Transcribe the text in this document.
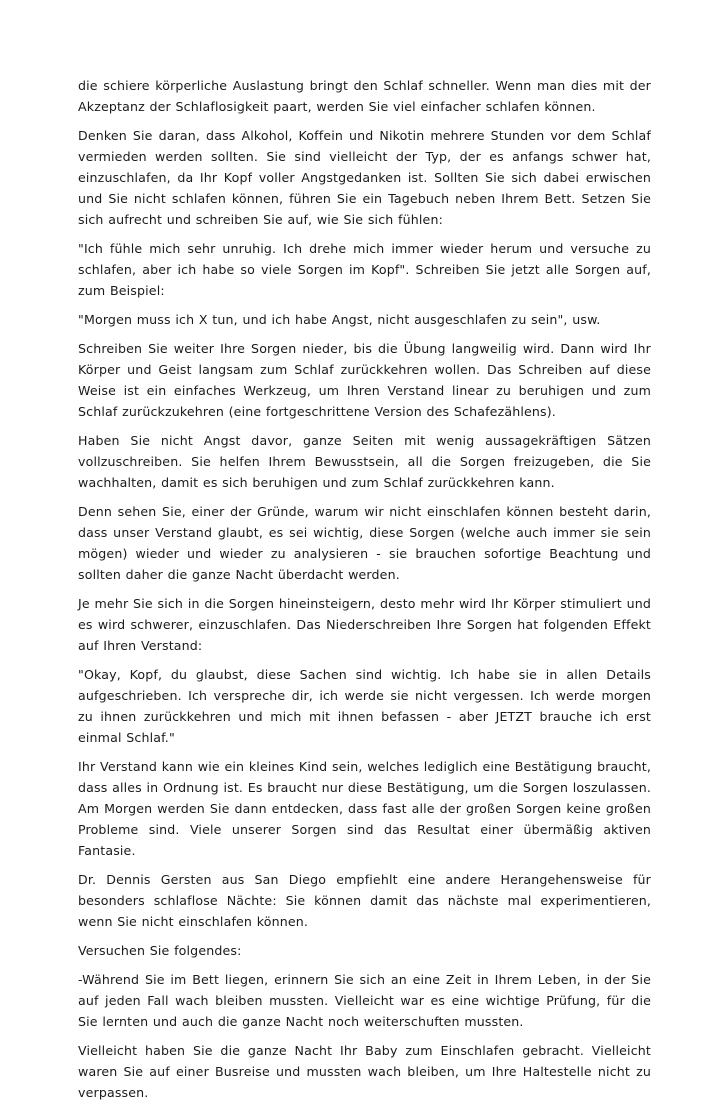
die schiere körperliche Auslastung bringt den Schlaf schneller. Wenn man dies mit der Akzeptanz der Schlaflosigkeit paart, werden Sie viel einfacher schlafen können.

Denken Sie daran, dass Alkohol, Koffein und Nikotin mehrere Stunden vor dem Schlaf vermieden werden sollten. Sie sind vielleicht der Typ, der es anfangs schwer hat, einzuschlafen, da Ihr Kopf voller Angstgedanken ist. Sollten Sie sich dabei erwischen und Sie nicht schlafen können, führen Sie ein Tagebuch neben Ihrem Bett. Setzen Sie sich aufrecht und schreiben Sie auf, wie Sie sich fühlen:

"Ich fühle mich sehr unruhig. Ich drehe mich immer wieder herum und versuche zu schlafen, aber ich habe so viele Sorgen im Kopf". Schreiben Sie jetzt alle Sorgen auf, zum Beispiel:

"Morgen muss ich X tun, und ich habe Angst, nicht ausgeschlafen zu sein", usw.

Schreiben Sie weiter Ihre Sorgen nieder, bis die Übung langweilig wird. Dann wird Ihr Körper und Geist langsam zum Schlaf zurückkehren wollen. Das Schreiben auf diese Weise ist ein einfaches Werkzeug, um Ihren Verstand linear zu beruhigen und zum Schlaf zurückzukehren (eine fortgeschrittene Version des Schafezählens).

Haben Sie nicht Angst davor, ganze Seiten mit wenig aussagekräftigen Sätzen vollzuschreiben. Sie helfen Ihrem Bewusstsein, all die Sorgen freizugeben, die Sie wachhalten, damit es sich beruhigen und zum Schlaf zurückkehren kann.

Denn sehen Sie, einer der Gründe, warum wir nicht einschlafen können besteht darin, dass unser Verstand glaubt, es sei wichtig, diese Sorgen (welche auch immer sie sein mögen) wieder und wieder zu analysieren - sie brauchen sofortige Beachtung und sollten daher die ganze Nacht überdacht werden.

Je mehr Sie sich in die Sorgen hineinsteigern, desto mehr wird Ihr Körper stimuliert und es wird schwerer, einzuschlafen. Das Niederschreiben Ihre Sorgen hat folgenden Effekt auf Ihren Verstand:

"Okay, Kopf, du glaubst, diese Sachen sind wichtig. Ich habe sie in allen Details aufgeschrieben. Ich verspreche dir, ich werde sie nicht vergessen. Ich werde morgen zu ihnen zurückkehren und mich mit ihnen befassen - aber JETZT brauche ich erst einmal Schlaf."

Ihr Verstand kann wie ein kleines Kind sein, welches lediglich eine Bestätigung braucht, dass alles in Ordnung ist. Es braucht nur diese Bestätigung, um die Sorgen loszulassen. Am Morgen werden Sie dann entdecken, dass fast alle der großen Sorgen keine großen Probleme sind. Viele unserer Sorgen sind das Resultat einer übermäßig aktiven Fantasie.

Dr. Dennis Gersten aus San Diego empfiehlt eine andere Herangehensweise für besonders schlaflose Nächte: Sie können damit das nächste mal experimentieren, wenn Sie nicht einschlafen können.

Versuchen Sie folgendes:

-Während Sie im Bett liegen, erinnern Sie sich an eine Zeit in Ihrem Leben, in der Sie auf jeden Fall wach bleiben mussten. Vielleicht war es eine wichtige Prüfung, für die Sie lernten und auch die ganze Nacht noch weiterschuften mussten.

Vielleicht haben Sie die ganze Nacht Ihr Baby zum Einschlafen gebracht. Vielleicht waren Sie auf einer Busreise und mussten wach bleiben, um Ihre Haltestelle nicht zu verpassen.
